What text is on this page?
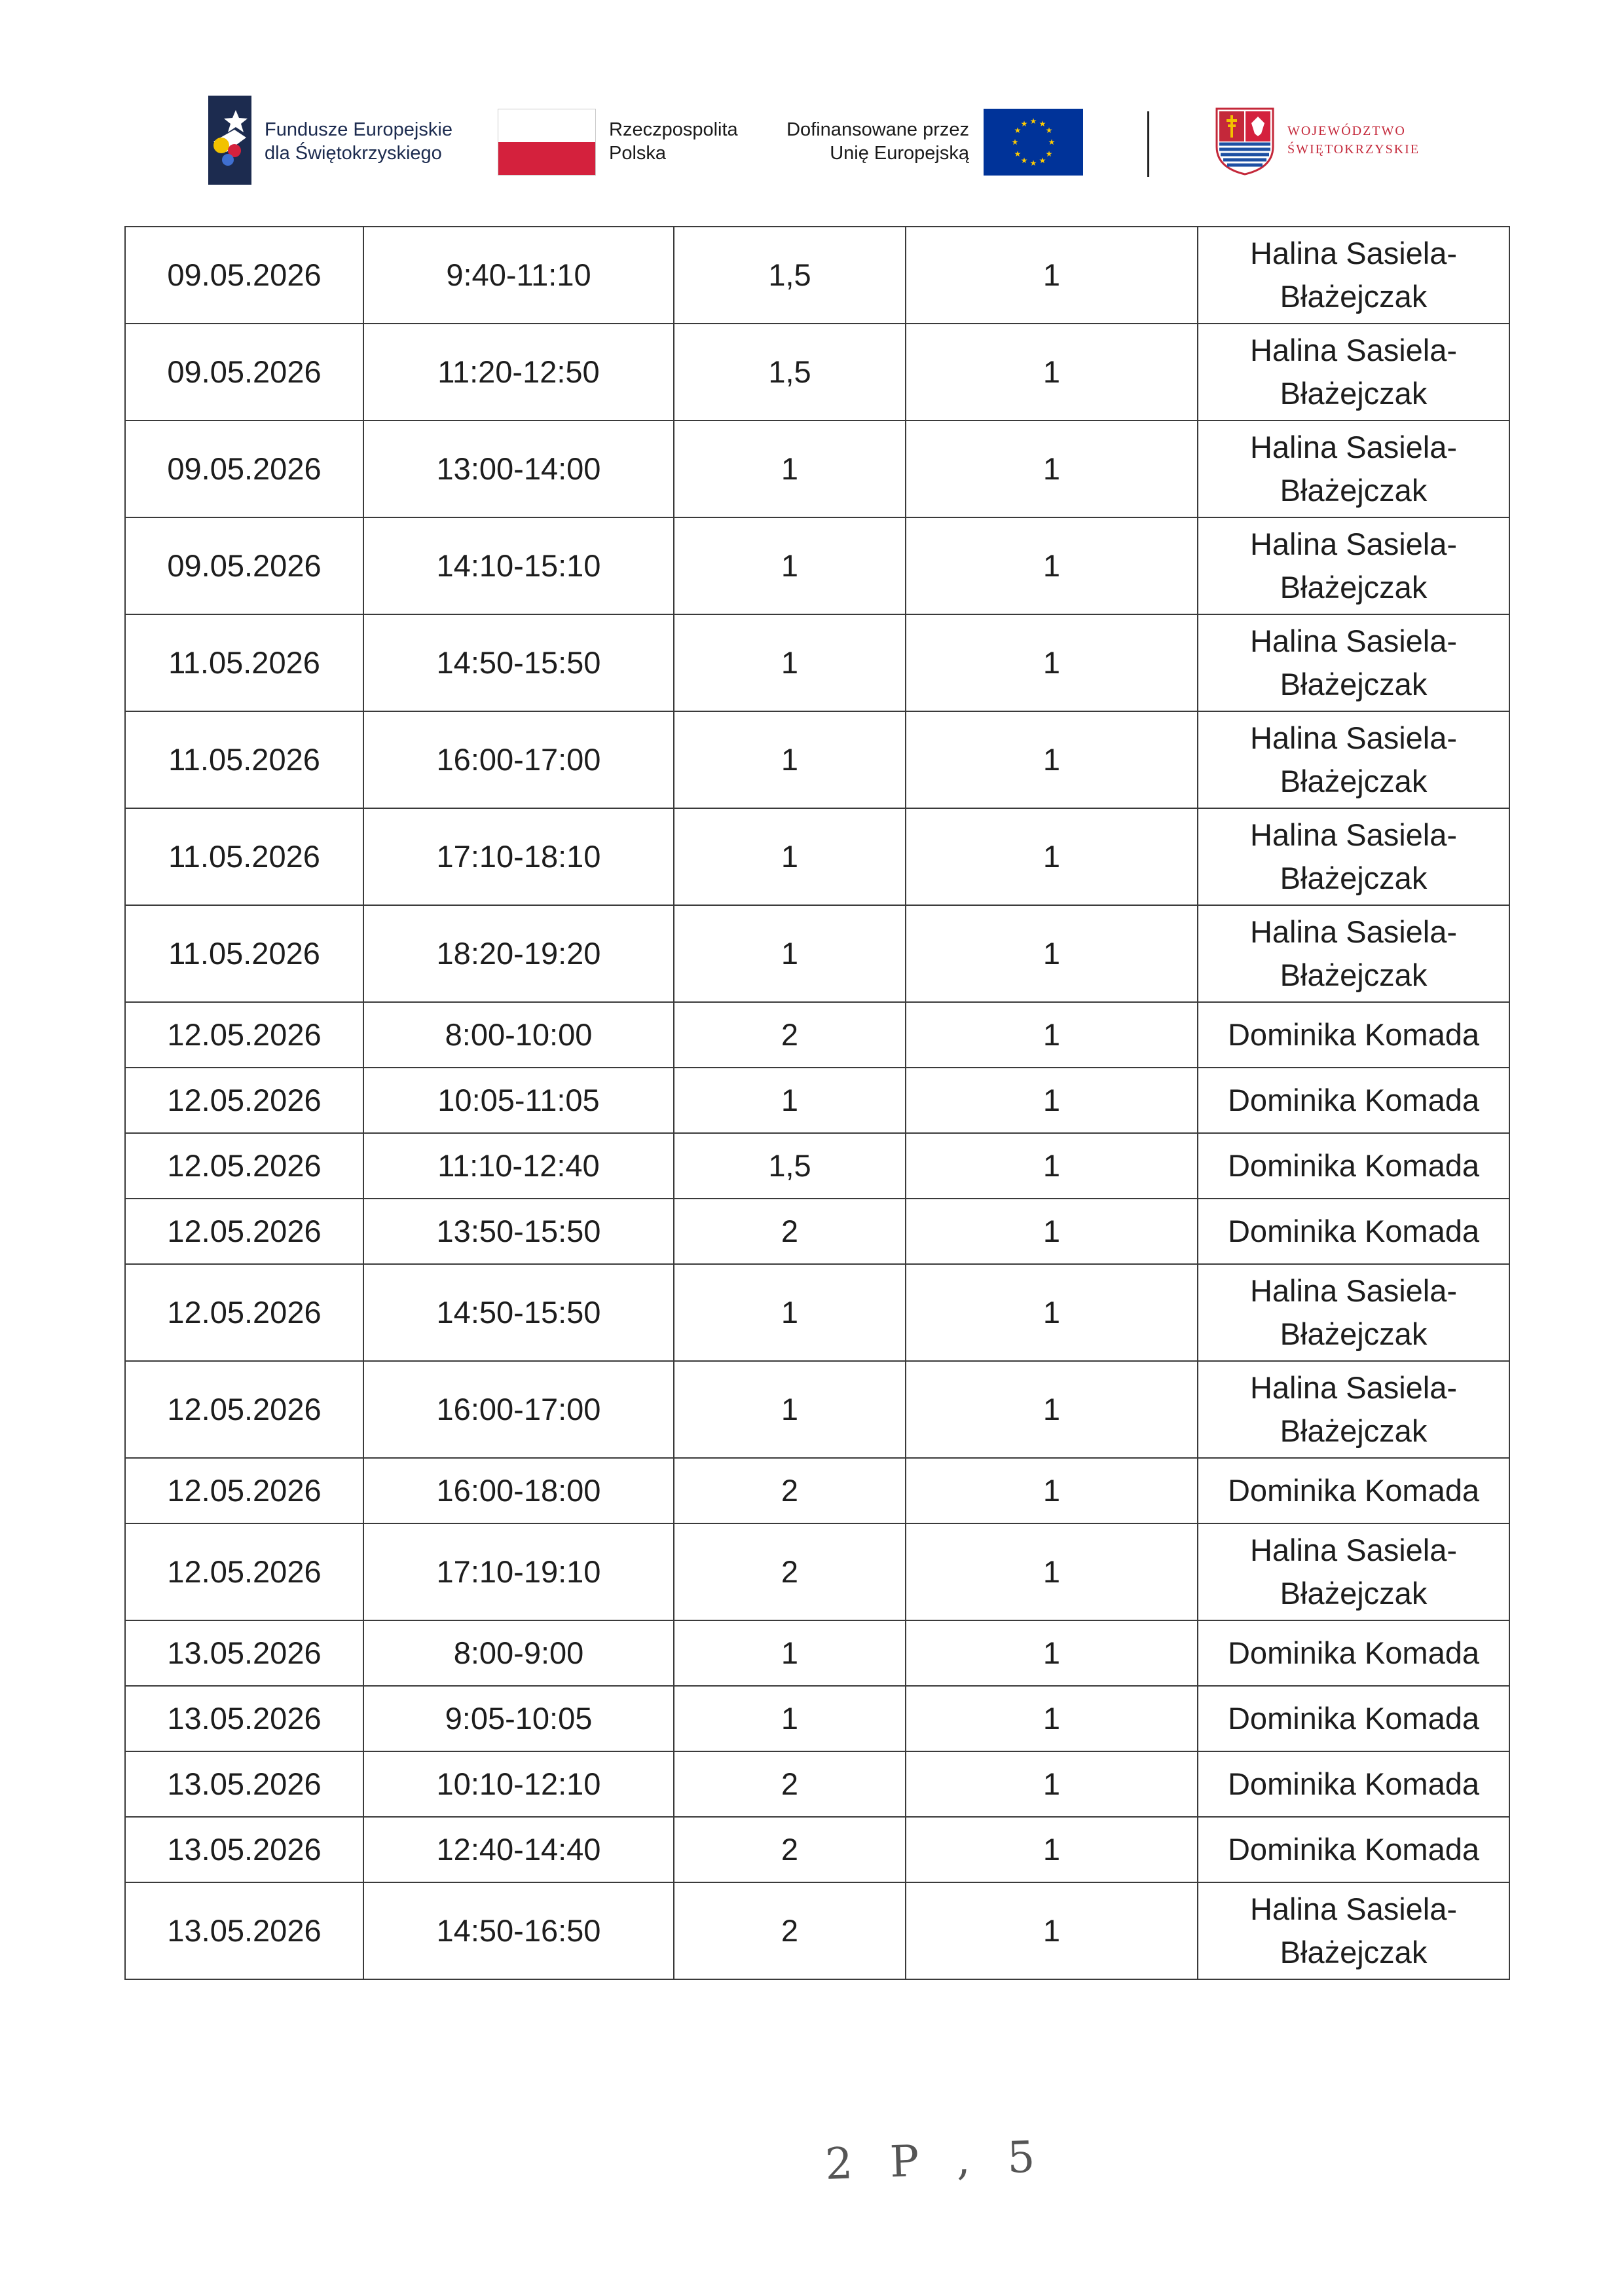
Fundusze Europejskie
dla Świętokrzyskiego
Rzeczpospolita
Polska
Dofinansowane przez
Unię Europejską
★ ★
★
★
★
★
★
★
★
★
★
★	WOJEWÓDZTWO
ŚWIĘTOKRZYSKIE
09.05.2026	9:40-11:10	1,5	1	Halina Sasiela-
Błażejczak

09.05.2026	11:20-12:50	1,5	1	Halina Sasiela-
Błażejczak

09.05.2026	13:00-14:00	1	1	Halina Sasiela-
Błażejczak

09.05.2026	14:10-15:10	1	1	Halina Sasiela-
Błażejczak

11.05.2026	14:50-15:50	1	1	Halina Sasiela-
Błażejczak

11.05.2026	16:00-17:00	1	1	Halina Sasiela-
Błażejczak

11.05.2026	17:10-18:10	1	1	Halina Sasiela-
Błażejczak

11.05.2026	18:20-19:20	1	1	Halina Sasiela-
Błażejczak

12.05.2026	8:00-10:00	2	1	Dominika Komada

12.05.2026	10:05-11:05	1	1	Dominika Komada

12.05.2026	11:10-12:40	1,5	1	Dominika Komada

12.05.2026	13:50-15:50	2	1	Dominika Komada

12.05.2026	14:50-15:50	1	1	Halina Sasiela-
Błażejczak

12.05.2026	16:00-17:00	1	1	Halina Sasiela-
Błażejczak

12.05.2026	16:00-18:00	2	1	Dominika Komada

12.05.2026	17:10-19:10	2	1	Halina Sasiela-
Błażejczak

13.05.2026	8:00-9:00	1	1	Dominika Komada

13.05.2026	9:05-10:05	1	1	Dominika Komada

13.05.2026	10:10-12:10	2	1	Dominika Komada

13.05.2026	12:40-14:40	2	1	Dominika Komada

13.05.2026	14:50-16:50	2	1	Halina Sasiela-
Błażejczak
2 P , 5
